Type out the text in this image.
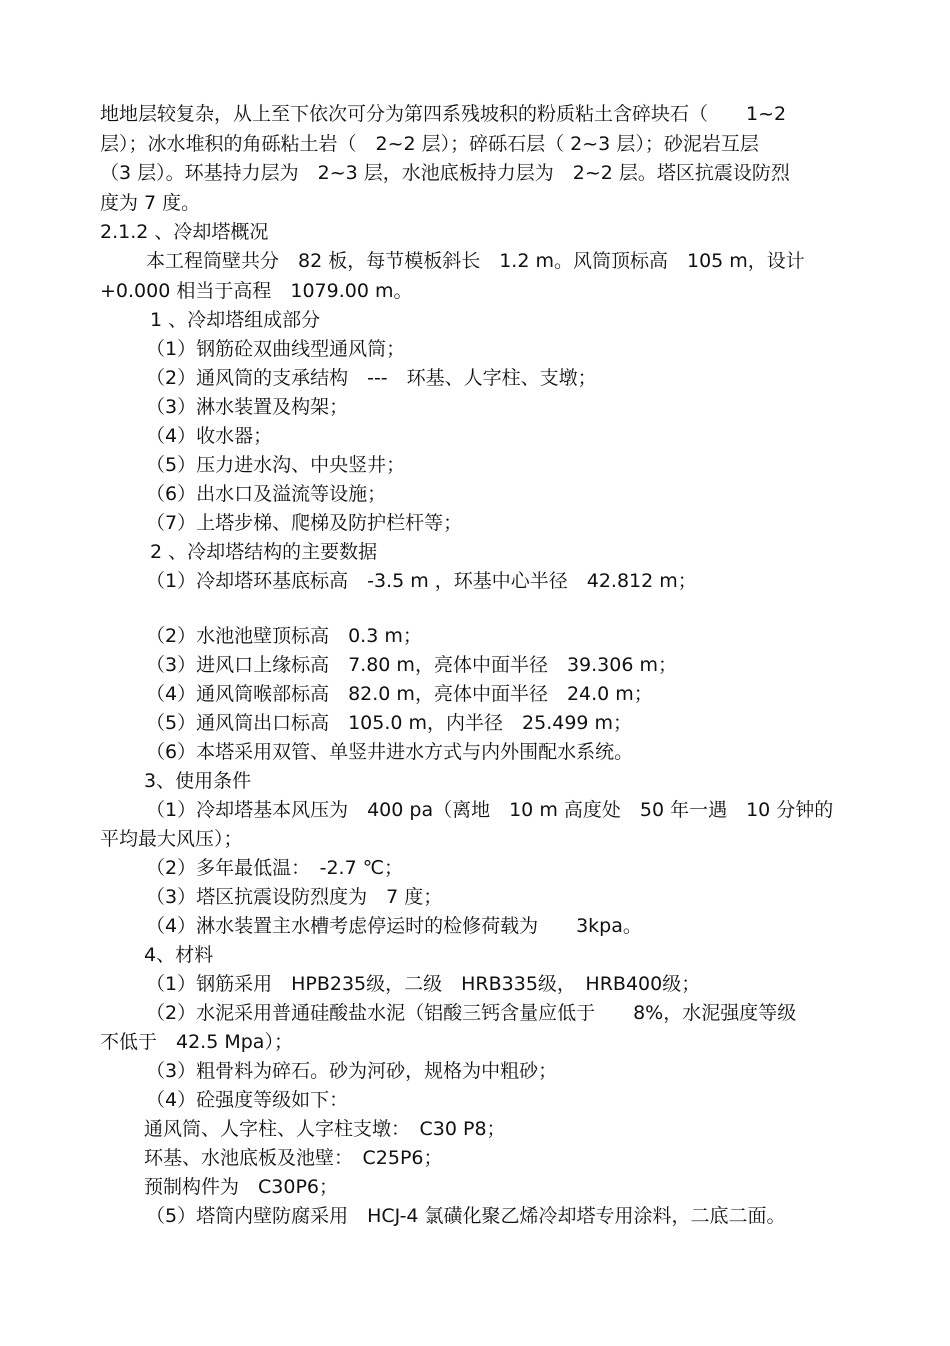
地地层较复杂，从上至下依次可分为第四系残坡积的粉质粘土含碎块石（　　1~2

层）；冰水堆积的角砾粘土岩（　2~2 层）；碎砾石层（ 2~3 层）；砂泥岩互层

（3 层）。环基持力层为　2~3 层，水池底板持力层为　2~2 层。塔区抗震设防烈

度为 7 度。

2.1.2 、冷却塔概况

本工程筒壁共分　82 板，每节模板斜长　1.2 m。风筒顶标高　105 m，设计

+0.000 相当于高程　1079.00 m。

1 、冷却塔组成部分

（1）钢筋砼双曲线型通风筒；

（2）通风筒的支承结构　---　环基、人字柱、支墩；

（3）淋水装置及构架；

（4）收水器；

（5）压力进水沟、中央竖井；

（6）出水口及溢流等设施；

（7）上塔步梯、爬梯及防护栏杆等；

2 、冷却塔结构的主要数据

（1）冷却塔环基底标高　-3.5 m ，环基中心半径　42.812 m；

（2）水池池壁顶标高　0.3 m；

（3）进风口上缘标高　7.80 m，亮体中面半径　39.306 m；

（4）通风筒喉部标高　82.0 m，亮体中面半径　24.0 m；

（5）通风筒出口标高　105.0 m，内半径　25.499 m；

（6）本塔采用双管、单竖井进水方式与内外围配水系统。

3、使用条件

（1）冷却塔基本风压为　400 pa（离地　10 m 高度处　50 年一遇　10 分钟的

平均最大风压）；

（2）多年最低温：　-2.7 ℃；

（3）塔区抗震设防烈度为　7 度；

（4）淋水装置主水槽考虑停运时的检修荷载为　　3kpa。

4、材料

（1）钢筋采用　HPB235级，二级　HRB335级，　HRB400级；

（2）水泥采用普通硅酸盐水泥（铝酸三钙含量应低于　　8%，水泥强度等级

不低于　42.5 Mpa）；

（3）粗骨料为碎石。砂为河砂，规格为中粗砂；

（4）砼强度等级如下：

通风筒、人字柱、人字柱支墩：　C30 P8；

环基、水池底板及池壁：　C25P6；

预制构件为　C30P6；

（5）塔筒内壁防腐采用　HCJ-4 氯磺化聚乙烯冷却塔专用涂料，二底二面。
